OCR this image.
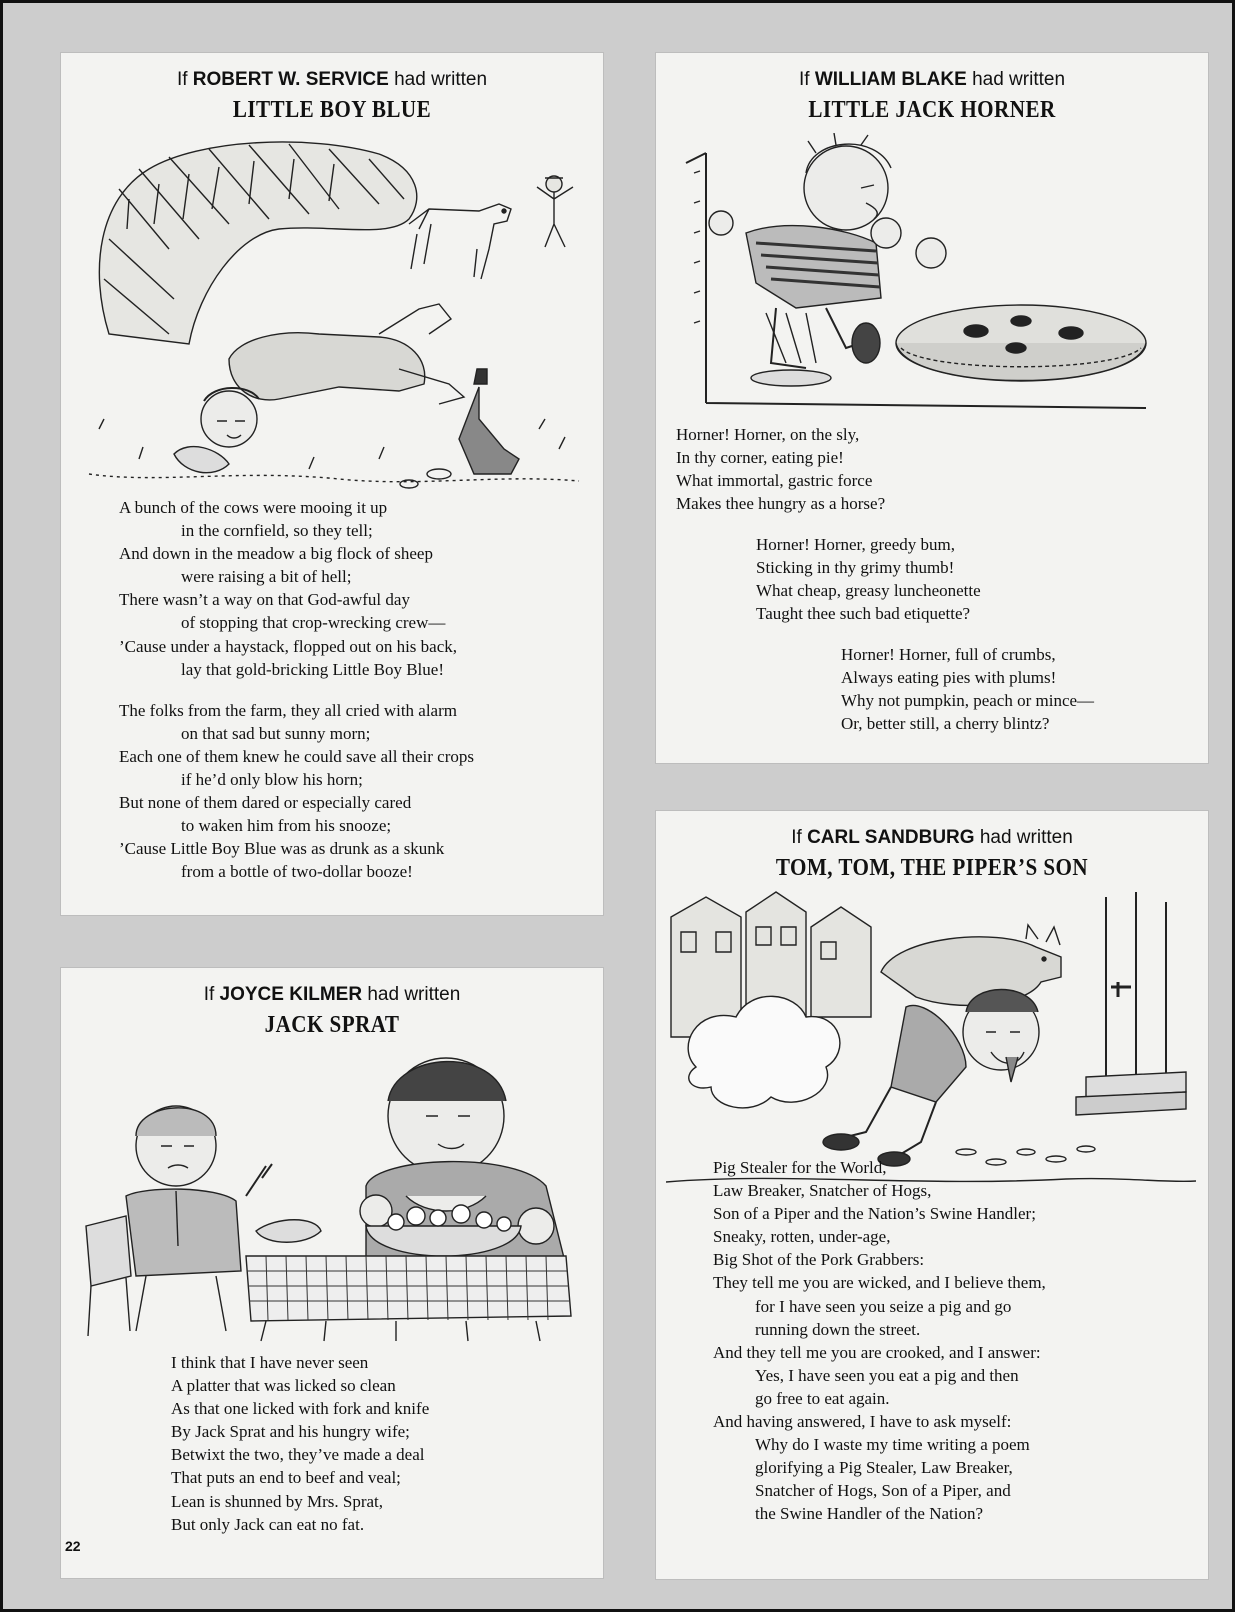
If ROBERT W. SERVICE had written
LITTLE BOY BLUE
A bunch of the cows were mooing it up
in the cornfield, so they tell;
And down in the meadow a big flock of sheep
were raising a bit of hell;
There wasn’t a way on that God-awful day
of stopping that crop-wrecking crew—
’Cause under a haystack, flopped out on his back,
lay that gold-bricking Little Boy Blue!
The folks from the farm, they all cried with alarm
on that sad but sunny morn;
Each one of them knew he could save all their crops
if he’d only blow his horn;
But none of them dared or especially cared
to waken him from his snooze;
’Cause Little Boy Blue was as drunk as a skunk
from a bottle of two-dollar booze!
If WILLIAM BLAKE had written
LITTLE JACK HORNER
Horner! Horner, on the sly,
In thy corner, eating pie!
What immortal, gastric force
Makes thee hungry as a horse?
Horner! Horner, greedy bum,
Sticking in thy grimy thumb!
What cheap, greasy luncheonette
Taught thee such bad etiquette?
Horner! Horner, full of crumbs,
Always eating pies with plums!
Why not pumpkin, peach or mince—
Or, better still, a cherry blintz?
If JOYCE KILMER had written
JACK SPRAT
I think that I have never seen
A platter that was licked so clean
As that one licked with fork and knife
By Jack Sprat and his hungry wife;
Betwixt the two, they’ve made a deal
That puts an end to beef and veal;
Lean is shunned by Mrs. Sprat,
But only Jack can eat no fat.
If CARL SANDBURG had written
TOM, TOM, THE PIPER’S SON
Pig Stealer for the World,
Law Breaker, Snatcher of Hogs,
Son of a Piper and the Nation’s Swine Handler;
Sneaky, rotten, under-age,
Big Shot of the Pork Grabbers:
They tell me you are wicked, and I believe them,
for I have seen you seize a pig and go
running down the street.
And they tell me you are crooked, and I answer:
Yes, I have seen you eat a pig and then
go free to eat again.
And having answered, I have to ask myself:
Why do I waste my time writing a poem
glorifying a Pig Stealer, Law Breaker,
Snatcher of Hogs, Son of a Piper, and
the Swine Handler of the Nation?
22
